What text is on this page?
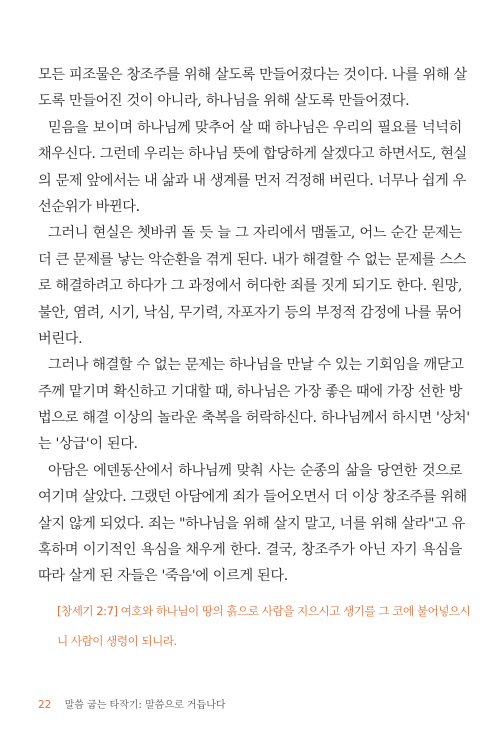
모든 피조물은 창조주를 위해 살도록 만들어졌다는 것이다. 나를 위해 살
도록 만들어진 것이 아니라, 하나님을 위해 살도록 만들어졌다.
믿음을 보이며 하나님께 맞추어 살 때 하나님은 우리의 필요를 넉넉히
채우신다. 그런데 우리는 하나님 뜻에 합당하게 살겠다고 하면서도, 현실
의 문제 앞에서는 내 삶과 내 생계를 먼저 걱정해 버린다. 너무나 쉽게 우
선순위가 바뀐다.
그러니 현실은 쳇바퀴 돌 듯 늘 그 자리에서 맴돌고, 어느 순간 문제는
더 큰 문제를 낳는 악순환을 겪게 된다. 내가 해결할 수 없는 문제를 스스
로 해결하려고 하다가 그 과정에서 허다한 죄를 짓게 되기도 한다. 원망,
불안, 염려, 시기, 낙심, 무기력, 자포자기 등의 부정적 감정에 나를 묶어
버린다.
그러나 해결할 수 없는 문제는 하나님을 만날 수 있는 기회임을 깨닫고
주께 맡기며 확신하고 기대할 때, 하나님은 가장 좋은 때에 가장 선한 방
법으로 해결 이상의 놀라운 축복을 허락하신다. 하나님께서 하시면 '상처'
는 '상급'이 된다.
아담은 에덴동산에서 하나님께 맞춰 사는 순종의 삶을 당연한 것으로
여기며 살았다. 그랬던 아담에게 죄가 들어오면서 더 이상 창조주를 위해
살지 않게 되었다. 죄는 "하나님을 위해 살지 말고, 너를 위해 살라"고 유
혹하며 이기적인 욕심을 채우게 한다. 결국, 창조주가 아닌 자기 욕심을
따라 살게 된 자들은 '죽음'에 이르게 된다.
[창세기 2:7] 여호와 하나님이 땅의 흙으로 사람을 지으시고 생기를 그 코에 불어넣으시
니 사람이 생령이 되니라.
22 말씀 굽는 타작기: 말씀으로 거듭나다
